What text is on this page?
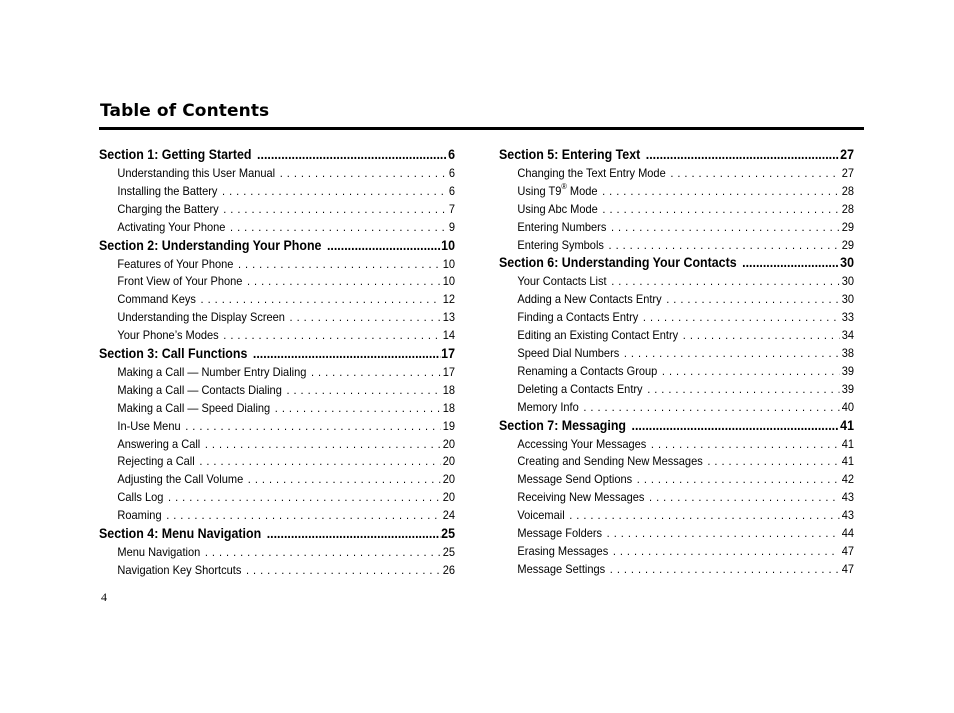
Table of Contents
Section 1: Getting Started .....	6
Understanding this User Manual . . .	6
Installing the Battery . . .	6
Charging the Battery . . .	7
Activating Your Phone . . .	9
Section 2: Understanding Your Phone .....	10
Features of Your Phone . . .	10
Front View of Your Phone . . .	10
Command Keys . . .	12
Understanding the Display Screen . . .	13
Your Phone’s Modes . . .	14
Section 3: Call Functions .....	17
Making a Call — Number Entry Dialing . . .	17
Making a Call — Contacts Dialing . . .	18
Making a Call — Speed Dialing . . .	18
In-Use Menu . . .	19
Answering a Call . . .	20
Rejecting a Call . . .	20
Adjusting the Call Volume . . .	20
Calls Log . . .	20
Roaming . . .	24
Section 4: Menu Navigation .....	25
Menu Navigation . . .	25
Navigation Key Shortcuts . . .	26
Section 5: Entering Text .....	27
Changing the Text Entry Mode . . .	27
Using T9® Mode . . .	28
Using Abc Mode . . .	28
Entering Numbers . . .	29
Entering Symbols . . .	29
Section 6: Understanding Your Contacts .....	30
Your Contacts List . . .	30
Adding a New Contacts Entry . . .	30
Finding a Contacts Entry . . .	33
Editing an Existing Contact Entry . . .	34
Speed Dial Numbers . . .	38
Renaming a Contacts Group . . .	39
Deleting a Contacts Entry . . .	39
Memory Info . . .	40
Section 7: Messaging .....	41
Accessing Your Messages . . .	41
Creating and Sending New Messages . . .	41
Message Send Options . . .	42
Receiving New Messages . . .	43
Voicemail . . .	43
Message Folders . . .	44
Erasing Messages . . .	47
Message Settings . . .	47
4
